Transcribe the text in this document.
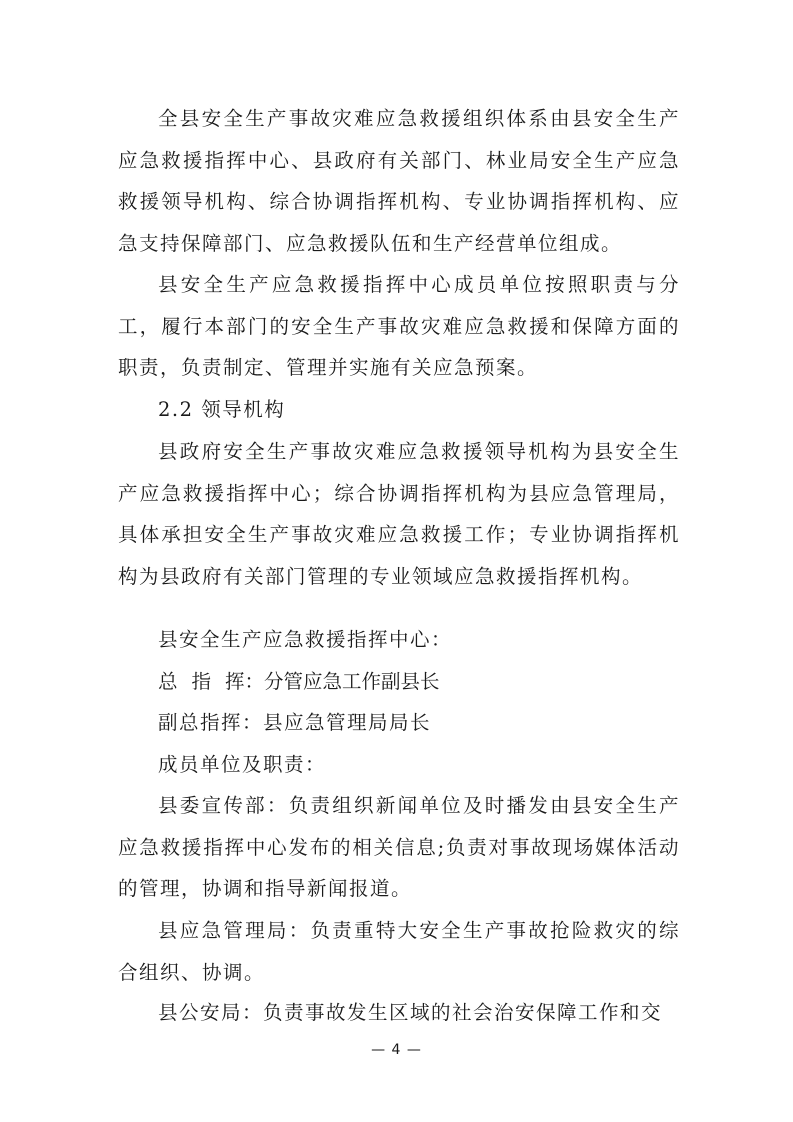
全县安全生产事故灾难应急救援组织体系由县安全生产应急救援指挥中心、县政府有关部门、林业局安全生产应急救援领导机构、综合协调指挥机构、专业协调指挥机构、应急支持保障部门、应急救援队伍和生产经营单位组成。

县安全生产应急救援指挥中心成员单位按照职责与分工，履行本部门的安全生产事故灾难应急救援和保障方面的职责，负责制定、管理并实施有关应急预案。

2.2 领导机构

县政府安全生产事故灾难应急救援领导机构为县安全生产应急救援指挥中心；综合协调指挥机构为县应急管理局，具体承担安全生产事故灾难应急救援工作；专业协调指挥机构为县政府有关部门管理的专业领域应急救援指挥机构。

县安全生产应急救援指挥中心：
总 指 挥：分管应急工作副县长
副总指挥：县应急管理局局长
成员单位及职责：

县委宣传部：负责组织新闻单位及时播发由县安全生产应急救援指挥中心发布的相关信息;负责对事故现场媒体活动的管理，协调和指导新闻报道。

县应急管理局：负责重特大安全生产事故抢险救灾的综合组织、协调。

县公安局：负责事故发生区域的社会治安保障工作和交

— 4 —
